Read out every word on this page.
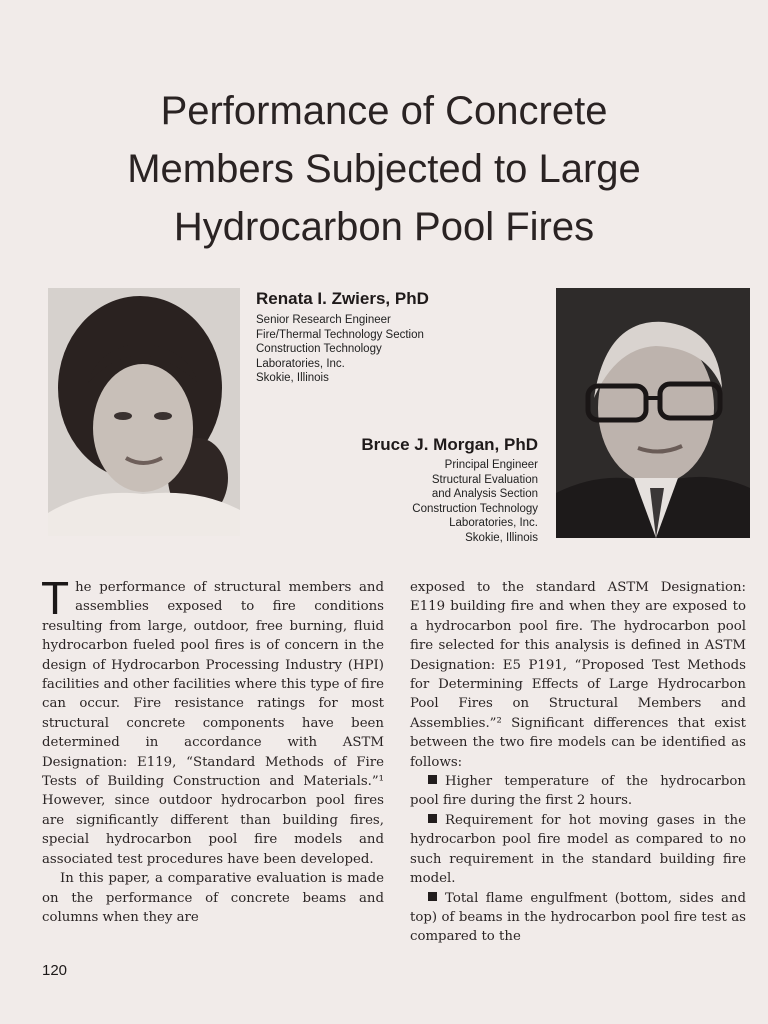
Performance of Concrete
Members Subjected to Large
Hydrocarbon Pool Fires
Renata I. Zwiers, PhD
Senior Research Engineer
Fire/Thermal Technology Section
Construction Technology
Laboratories, Inc.
Skokie, Illinois
Bruce J. Morgan, PhD
Principal Engineer
Structural Evaluation
and Analysis Section
Construction Technology
Laboratories, Inc.
Skokie, Illinois

The performance of structural members and assemblies exposed to fire conditions resulting from large, outdoor, free burning, fluid hydrocarbon fueled pool fires is of concern in the design of Hydrocarbon Processing Industry (HPI) facilities and other facilities where this type of fire can occur. Fire resistance ratings for most structural concrete components have been determined in accordance with ASTM Designation: E119, “Standard Methods of Fire Tests of Building Construction and Materials.”¹ However, since outdoor hydrocarbon pool fires are significantly different than building fires, special hydrocarbon pool fire models and associated test procedures have been developed.

In this paper, a comparative evaluation is made on the performance of concrete beams and columns when they are

exposed to the standard ASTM Designation: E119 building fire and when they are exposed to a hydrocarbon pool fire. The hydrocarbon pool fire selected for this analysis is defined in ASTM Designation: E5 P191, “Proposed Test Methods for Determining Effects of Large Hydrocarbon Pool Fires on Structural Members and Assemblies.”² Significant differences that exist between the two fire models can be identified as follows:

Higher temperature of the hydrocarbon pool fire during the first 2 hours.

Requirement for hot moving gases in the hydrocarbon pool fire model as compared to no such requirement in the standard building fire model.

Total flame engulfment (bottom, sides and top) of beams in the hydrocarbon pool fire test as compared to the

120
